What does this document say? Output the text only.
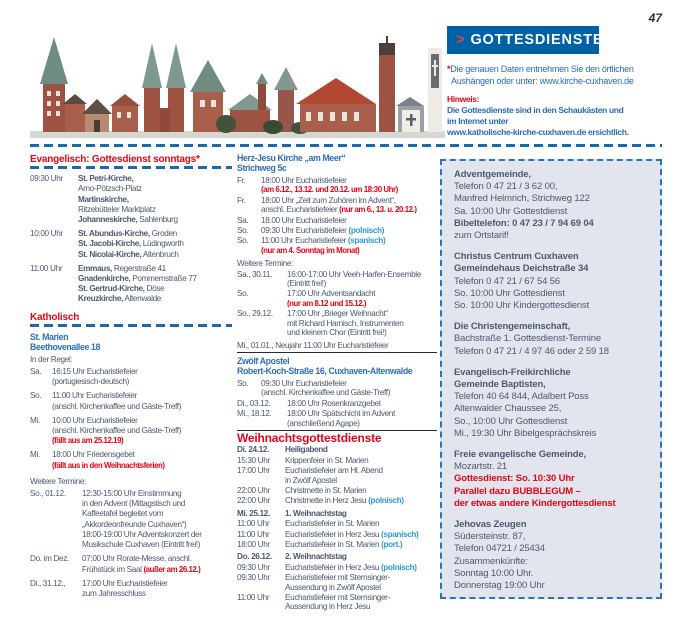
47
> GOTTESDIENSTE
*Die genauen Daten entnehmen Sie den örtlichen
Aushängen oder unter: www.kirche-cuxhaven.de
Hinweis:
Die Gottesdienste sind in den Schaukästen und
im Internet unter
www.katholische-kirche-cuxhaven.de ersichtlich.
Evangelisch: Gottesdienst sonntags*
09:30 Uhr	St. Petri-Kirche,
Arno-Pötzsch-Platz
Martinskirche,
Ritzebütteler Marktplatz
Johanneskirche, Sahlenburg
10:00 Uhr	St. Abundus-Kirche, Groden
St. Jacobi-Kirche, Lüdingworth
St. Nicolai-Kirche, Altenbruch
11:00 Uhr	Emmaus, Regerstraße 41
Gnadenkirche, Pommernstraße 77
St. Gertrud-Kirche, Döse
Kreuzkirche, Altenwalde
Katholisch
St. Marien
Beethovenallee 18
In der Regel:
Sa.	16:15 Uhr Eucharistiefeier
(portugiesisch-deutsch)
So.	11:00 Uhr Eucharistiefeier
(anschl. Kirchenkaffee und Gäste-Treff)
Mi.	10:00 Uhr Eucharistiefeier
(anschl. Kirchenkaffee und Gäste-Treff)
(fällt aus am 25.12.19)
Mi.	18:00 Uhr Friedensgebet
(fällt aus in den Weihnachtsferien)
Weitere Termine:
So., 01.12.	12:30-15:00 Uhr Einstimmung
in den Advent (Mittagstisch und
Kaffeetafel begleitet vom
„Akkordeonfreunde Cuxhaven“)
18:00-19:00 Uhr Adventskonzert der
Musikschule Cuxhaven (Eintritt frei!)
Do. im Dez.	07:00 Uhr Rorate-Messe, anschl.
Frühstück im Saal (außer am 26.12.)
Di., 31.12.,	17:00 Uhr Eucharistiefeier
zum Jahresschluss
Herz-Jesu Kirche „am Meer“
Strichweg 5c
Fr.	18:00 Uhr Eucharistiefeier
(am 6.12., 13.12. und 20.12. um 18:30 Uhr)
Fr.	18:00 Uhr „Zeit zum Zuhören im Advent“,
anschl. Eucharistiefeier (nur am 6., 13. u. 20.12.)
Sa.	18.00 Uhr Eucharistiefeier
So.	09:30 Uhr Eucharistiefeier (polnisch)
So.	11:00 Uhr Eucharistiefeier (spanisch)
(nur am 4. Sonntag im Monat)
Weitere Termine:
Sa., 30.11.	16:00-17:00 Uhr Veeh-Harfen-Ensemble
(Eintritt frei!)
So.	17:00 Uhr Adventsandacht
(nur am 8.12 und 15.12.)
So., 29.12.	17:00 Uhr „Brieger Weihnacht“
mit Richard Harnisch, Instrumenten
und kleinem Chor (Eintritt frei!)
Mi., 01.01., Neujahr 11:00 Uhr Eucharistiefeier
Zwölf Apostel
Robert-Koch-Straße 16, Cuxhaven-Altenwalde
So.	09:30 Uhr Eucharistiefeier
(anschl. Kirchenkaffee und Gäste-Treff)
Di., 03.12.	18:00 Uhr Rosenkranzgebet
Mi., 18.12.	18:00 Uhr Spätschicht im Advent
(anschließend Agape)
Weihnachtsgottestdienste
Di. 24.12.	Heiligabend
15:30 Uhr	Krippenfeier in St. Marien
17:00 Uhr	Eucharistiefeier am Hl. Abend
in Zwölf Apostel
22:00 Uhr	Christmette in St. Marien
22:00 Uhr	Christmette in Herz Jesu (polnisch)
Mi. 25.12.	1. Weihnachtstag
11:00 Uhr	Eucharistiefeier in St. Marien
11:00 Uhr	Eucharistiefeier in Herz Jesu (spanisch)
18:00 Uhr	Eucharistiefeier in St. Marien (port.)
Do. 26.12.	2. Weihnachtstag
09:30 Uhr	Eucharistiefeier in Herz Jesu (polnisch)
09:30 Uhr	Eucharistiefeier mit Sternsinger-
Aussendung in Zwölf Apostel
11:00 Uhr	Eucharistiefeier mit Sternsinger-
Aussendung in Herz Jesu
Adventgemeinde,
Telefon 0 47 21 / 3 62 00,
Manfred Helmrich, Strichweg 122
Sa. 10:00 Uhr Gottestdienst
Bibeltelefon: 0 47 23 / 7 94 69 04
zum Ortstarif!
Christus Centrum Cuxhaven
Gemeindehaus Deichstraße 34
Telefon 0 47 21 / 67 54 56
So. 10:00 Uhr Gottesdienst
So. 10:00 Uhr Kindergottesdienst
Die Christengemeinschaft,
Bachstraße 1. Gottesdienst-Termine
Telefon 0 47 21 / 4 97 46 oder 2 59 18
Evangelisch-Freikirchliche
Gemeinde Baptisten,
Telefon 40 64 844, Adalbert Poss
Altenwalder Chaussee 25,
So., 10:00 Uhr Gottesdienst
Mi., 19:30 Uhr Bibelgesprächskreis
Freie evangelische Gemeinde,
Mozartstr. 21
Gottesdienst: So. 10:30 Uhr
Parallel dazu BUBBLEGUM –
der etwas andere Kindergottesdienst
Jehovas Zeugen
Südersteinstr. 87,
Telefon 04721 / 25434
Zusammenkünfte:
Sonntag 10:00 Uhr.
Donnerstag 19:00 Uhr
